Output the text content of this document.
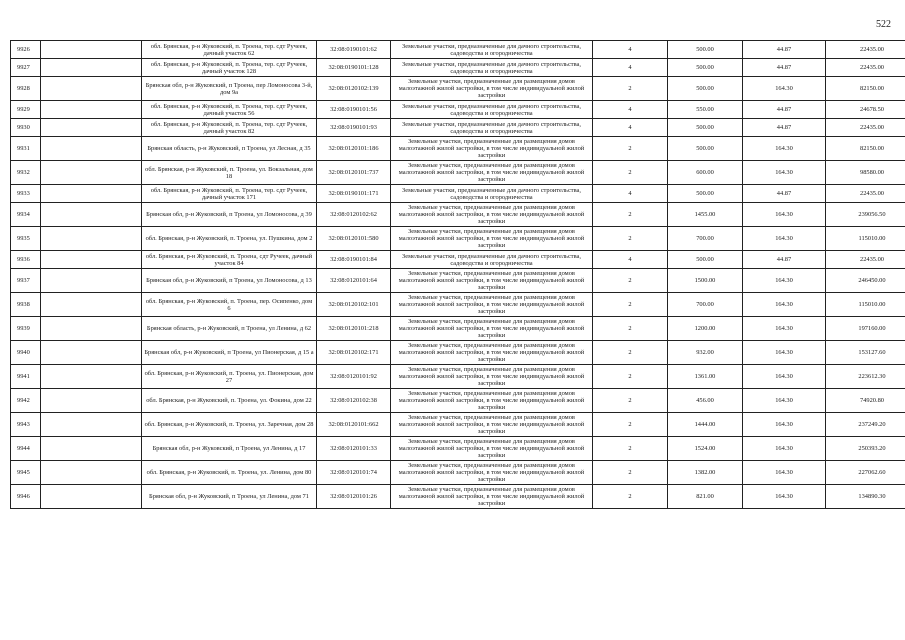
522
9926		обл. Брянская, р-н Жуковский, п. Троена, тер. сдт Ручеек, дачный участок 62	32:08:0190101:62	Земельные участки, предназначенные для дачного строительства, садоводства и огородничества	4	500.00	44.87	22435.00
9927		обл. Брянская, р-н Жуковский, п. Троена, тер. сдт Ручеек, дачный участок 128	32:08:0190101:128	Земельные участки, предназначенные для дачного строительства, садоводства и огородничества	4	500.00	44.87	22435.00
9928		Брянская обл, р-н Жуковский, п Троена, пер Ломоносова 3-й, дом 9а	32:08:0120102:139	Земельные участки, предназначенные для размещения домов малоэтажной жилой застройки, в том числе индивидуальной жилой застройки	2	500.00	164.30	82150.00
9929		обл. Брянская, р-н Жуковский, п. Троена, тер. сдт Ручеек, дачный участок 56	32:08:0190101:56	Земельные участки, предназначенные для дачного строительства, садоводства и огородничества	4	550.00	44.87	24678.50
9930		обл. Брянская, р-н Жуковский, п. Троена, тер. сдт Ручеек, дачный участок 82	32:08:0190101:93	Земельные участки, предназначенные для дачного строительства, садоводства и огородничества	4	500.00	44.87	22435.00
9931		Брянская область, р-н Жуковский, п Троена, ул Лесная, д 35	32:08:0120101:186	Земельные участки, предназначенные для размещения домов малоэтажной жилой застройки, в том числе индивидуальной жилой застройки	2	500.00	164.30	82150.00
9932		обл. Брянская, р-н Жуковский, п. Троена, ул. Вокзальная, дом 18	32:08:0120101:737	Земельные участки, предназначенные для размещения домов малоэтажной жилой застройки, в том числе индивидуальной жилой застройки	2	600.00	164.30	98580.00
9933		обл. Брянская, р-н Жуковский, п. Троена, тер. сдт Ручеек, дачный участок 171	32:08:0190101:171	Земельные участки, предназначенные для дачного строительства, садоводства и огородничества	4	500.00	44.87	22435.00
9934		Брянская обл, р-н Жуковский, п Троена, ул Ломоносова, д 39	32:08:0120102:62	Земельные участки, предназначенные для размещения домов малоэтажной жилой застройки, в том числе индивидуальной жилой застройки	2	1455.00	164.30	239056.50
9935		обл. Брянская, р-н Жуковский, п. Троена, ул. Пушкина, дом 2	32:08:0120101:580	Земельные участки, предназначенные для размещения домов малоэтажной жилой застройки, в том числе индивидуальной жилой застройки	2	700.00	164.30	115010.00
9936		обл. Брянская, р-н Жуковский, п. Троена, сдт Ручеек, дачный участок 84	32:08:0190101:84	Земельные участки, предназначенные для дачного строительства, садоводства и огородничества	4	500.00	44.87	22435.00
9937		Брянская обл, р-н Жуковский, п Троена, ул Ломоносова, д 13	32:08:0120101:64	Земельные участки, предназначенные для размещения домов малоэтажной жилой застройки, в том числе индивидуальной жилой застройки	2	1500.00	164.30	246450.00
9938		обл. Брянская, р-н Жуковский, п. Троена, пер. Осипенко, дом 6	32:08:0120102:101	Земельные участки, предназначенные для размещения домов малоэтажной жилой застройки, в том числе индивидуальной жилой застройки	2	700.00	164.30	115010.00
9939		Брянская область, р-н Жуковский, п Троена, ул Ленина, д 62	32:08:0120101:218	Земельные участки, предназначенные для размещения домов малоэтажной жилой застройки, в том числе индивидуальной жилой застройки	2	1200.00	164.30	197160.00
9940		Брянская обл, р-н Жуковский, п Троена, ул Пионерская, д 15 а	32:08:0120102:171	Земельные участки, предназначенные для размещения домов малоэтажной жилой застройки, в том числе индивидуальной жилой застройки	2	932.00	164.30	153127.60
9941		обл. Брянская, р-н Жуковский, п. Троена, ул. Пионерская, дом 27	32:08:0120101:92	Земельные участки, предназначенные для размещения домов малоэтажной жилой застройки, в том числе индивидуальной жилой застройки	2	1361.00	164.30	223612.30
9942		обл. Брянская, р-н Жуковский, п. Троена, ул. Фокина, дом 22	32:08:0120102:38	Земельные участки, предназначенные для размещения домов малоэтажной жилой застройки, в том числе индивидуальной жилой застройки	2	456.00	164.30	74920.80
9943		обл. Брянская, р-н Жуковский, п. Троена, ул. Заречная, дом 28	32:08:0120101:662	Земельные участки, предназначенные для размещения домов малоэтажной жилой застройки, в том числе индивидуальной жилой застройки	2	1444.00	164.30	237249.20
9944		Брянская обл, р-н Жуковский, п Троена, ул Ленина, д 17	32:08:0120101:33	Земельные участки, предназначенные для размещения домов малоэтажной жилой застройки, в том числе индивидуальной жилой застройки	2	1524.00	164.30	250393.20
9945		обл. Брянская, р-н Жуковский, п. Троена, ул. Ленина, дом 80	32:08:0120101:74	Земельные участки, предназначенные для размещения домов малоэтажной жилой застройки, в том числе индивидуальной жилой застройки	2	1382.00	164.30	227062.60
9946		Брянская обл, р-н Жуковский, п Троена, ул Ленина, дом 71	32:08:0120101:26	Земельные участки, предназначенные для размещения домов малоэтажной жилой застройки, в том числе индивидуальной жилой застройки	2	821.00	164.30	134890.30
